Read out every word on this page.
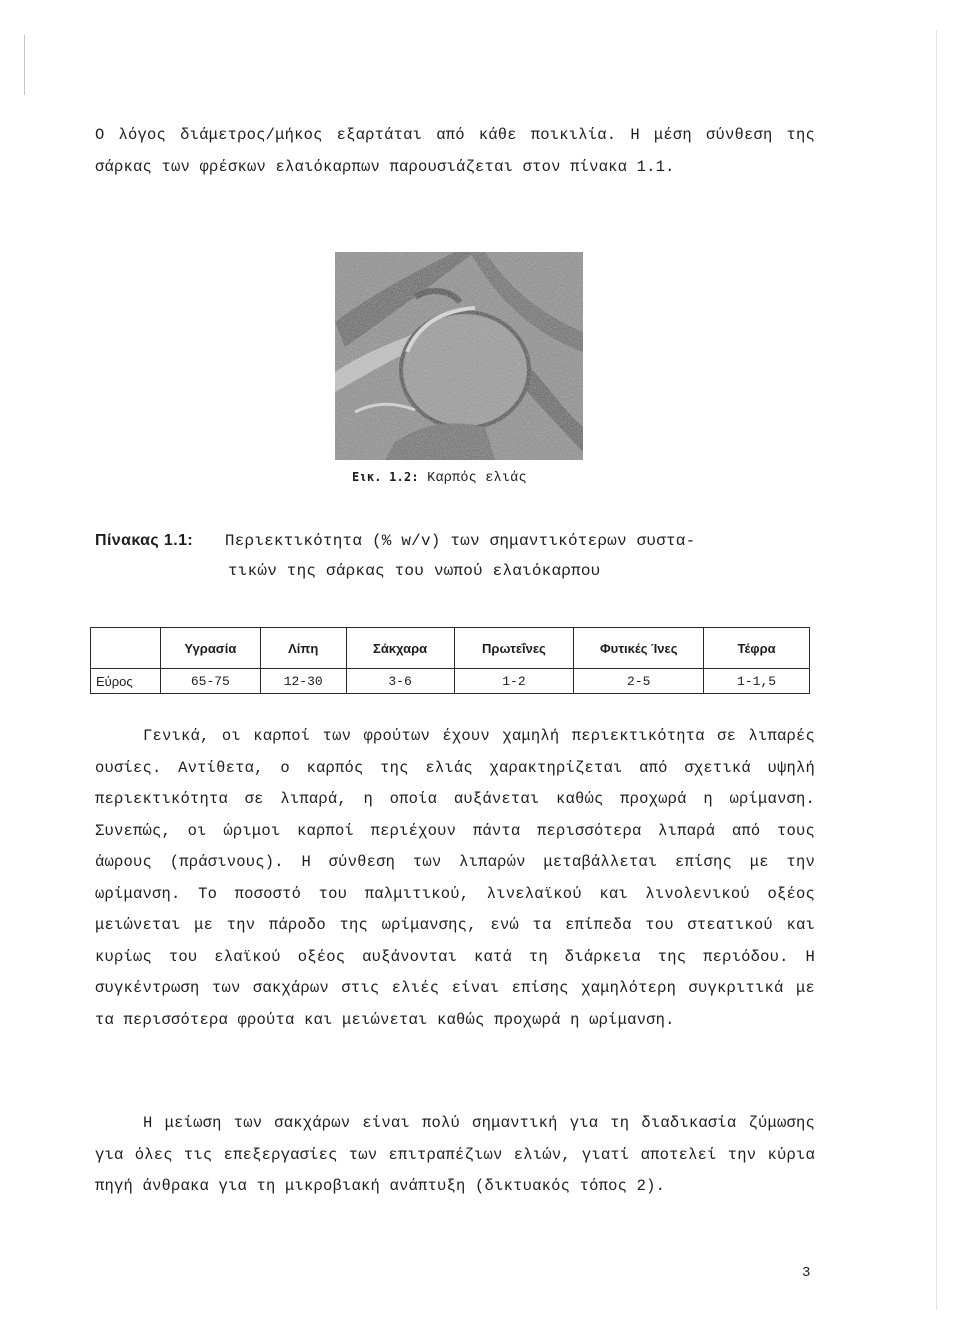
Ο λόγος διάμετρος/μήκος εξαρτάται από κάθε ποικιλία. Η μέση σύνθεση της σάρκας των φρέσκων ελαιόκαρπων παρουσιάζεται στον πίνακα 1.1.

Εικ. 1.2: Καρπός ελιάς
Πίνακας 1.1: Περιεκτικότητα (% w/v) των σημαντικότερων συστα-
τικών της σάρκας του νωπού ελαιόκαρπου
	Υγρασία	Λίπη	Σάκχαρα	Πρωτεΐνες	Φυτικές Ίνες	Τέφρα
Εύρος	65-75	12-30	3-6	1-2	2-5	1-1,5

Γενικά, οι καρποί των φρούτων έχουν χαμηλή περιεκτικότητα σε λιπαρές ουσίες. Αντίθετα, ο καρπός της ελιάς χαρακτηρίζεται από σχετικά υψηλή περιεκτικότητα σε λιπαρά, η οποία αυξάνεται καθώς προχωρά η ωρίμανση. Συνεπώς, οι ώριμοι καρποί περιέχουν πάντα περισσότερα λιπαρά από τους άωρους (πράσινους). Η σύνθεση των λιπαρών μεταβάλλεται επίσης με την ωρίμανση. Το ποσοστό του παλμιτικού, λινελαϊκού και λινολενικού οξέος μειώνεται με την πάροδο της ωρίμανσης, ενώ τα επίπεδα του στεατικού και κυρίως του ελαϊκού οξέος αυξάνονται κατά τη διάρκεια της περιόδου. Η συγκέντρωση των σακχάρων στις ελιές είναι επίσης χαμηλότερη συγκριτικά με τα περισσότερα φρούτα και μειώνεται καθώς προχωρά η ωρίμανση.

Η μείωση των σακχάρων είναι πολύ σημαντική για τη διαδικασία ζύμωσης για όλες τις επεξεργασίες των επιτραπέζιων ελιών, γιατί αποτελεί την κύρια πηγή άνθρακα για τη μικροβιακή ανάπτυξη (δικτυακός τόπος 2).

3
